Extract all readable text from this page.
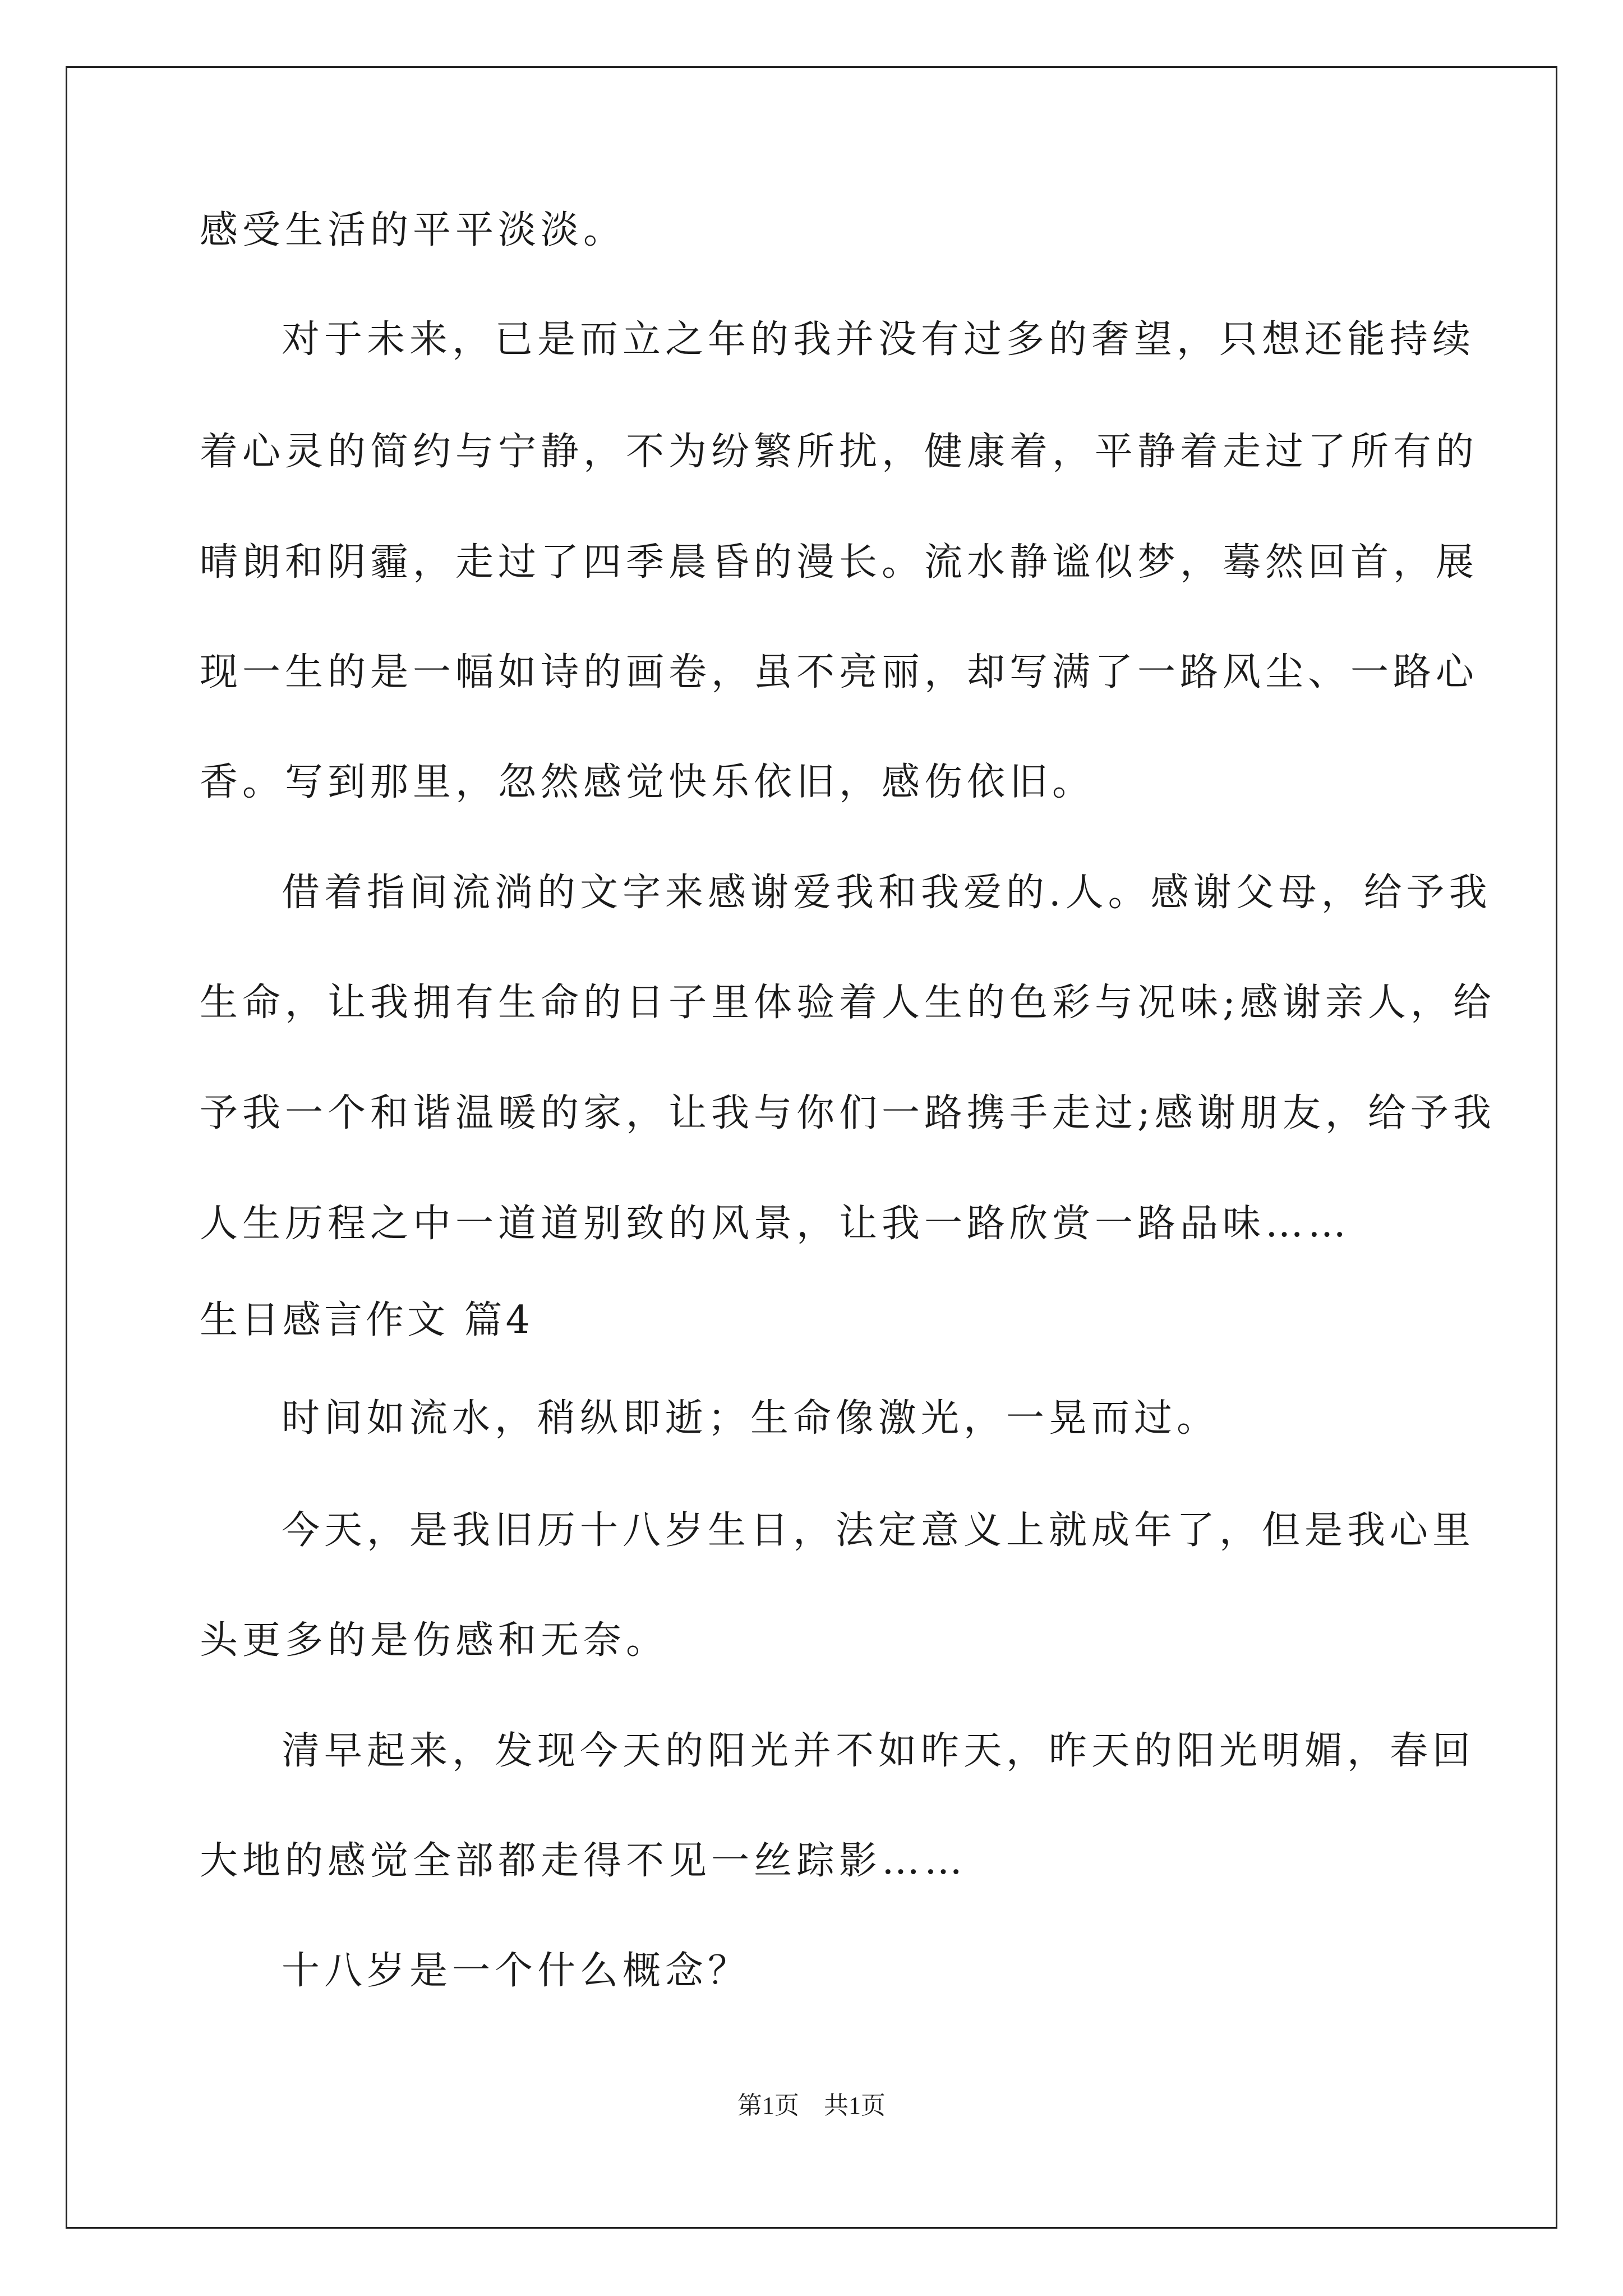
感受生活的平平淡淡。
对于未来，已是而立之年的我并没有过多的奢望，只想还能持续
着心灵的简约与宁静，不为纷繁所扰，健康着，平静着走过了所有的
晴朗和阴霾，走过了四季晨昏的漫长。流水静谧似梦，蓦然回首，展
现一生的是一幅如诗的画卷，虽不亮丽，却写满了一路风尘、一路心
香。写到那里，忽然感觉快乐依旧，感伤依旧。
借着指间流淌的文字来感谢爱我和我爱的.人。感谢父母，给予我
生命，让我拥有生命的日子里体验着人生的色彩与况味;感谢亲人，给
予我一个和谐温暖的家，让我与你们一路携手走过;感谢朋友，给予我
人生历程之中一道道别致的风景，让我一路欣赏一路品味……
生日感言作文 篇4
时间如流水，稍纵即逝；生命像激光，一晃而过。
今天，是我旧历十八岁生日，法定意义上就成年了，但是我心里
头更多的是伤感和无奈。
清早起来，发现今天的阳光并不如昨天，昨天的阳光明媚，春回
大地的感觉全部都走得不见一丝踪影……
十八岁是一个什么概念？
第1页　共1页
